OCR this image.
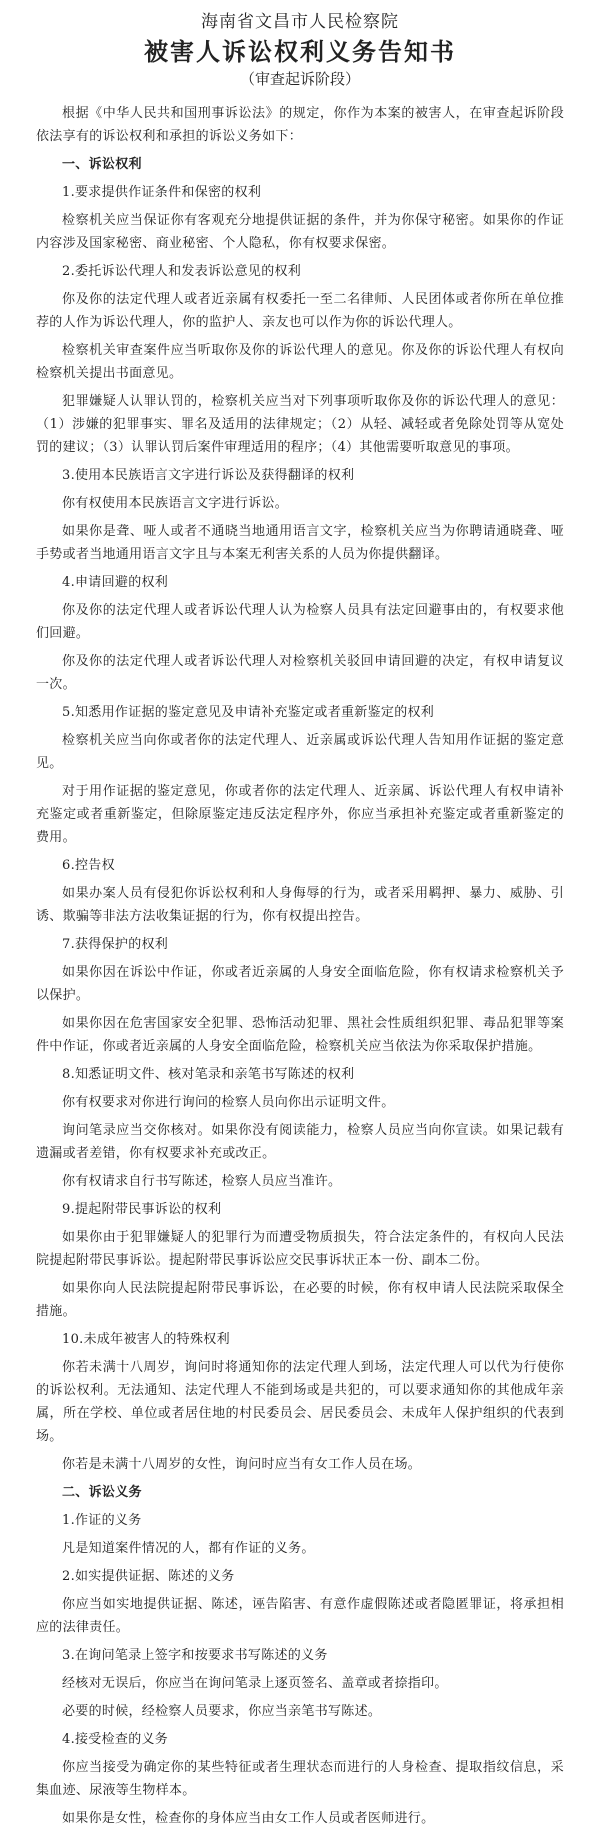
海南省文昌市人民检察院
被害人诉讼权利义务告知书
（审查起诉阶段）

根据《中华人民共和国刑事诉讼法》的规定，你作为本案的被害人，在审查起诉阶段依法享有的诉讼权利和承担的诉讼义务如下：

一、诉讼权利

1.要求提供作证条件和保密的权利

检察机关应当保证你有客观充分地提供证据的条件，并为你保守秘密。如果你的作证内容涉及国家秘密、商业秘密、个人隐私，你有权要求保密。

2.委托诉讼代理人和发表诉讼意见的权利

你及你的法定代理人或者近亲属有权委托一至二名律师、人民团体或者你所在单位推荐的人作为诉讼代理人，你的监护人、亲友也可以作为你的诉讼代理人。

检察机关审查案件应当听取你及你的诉讼代理人的意见。你及你的诉讼代理人有权向检察机关提出书面意见。

犯罪嫌疑人认罪认罚的，检察机关应当对下列事项听取你及你的诉讼代理人的意见：（1）涉嫌的犯罪事实、罪名及适用的法律规定；（2）从轻、减轻或者免除处罚等从宽处罚的建议；（3）认罪认罚后案件审理适用的程序；（4）其他需要听取意见的事项。

3.使用本民族语言文字进行诉讼及获得翻译的权利

你有权使用本民族语言文字进行诉讼。

如果你是聋、哑人或者不通晓当地通用语言文字，检察机关应当为你聘请通晓聋、哑手势或者当地通用语言文字且与本案无利害关系的人员为你提供翻译。

4.申请回避的权利

你及你的法定代理人或者诉讼代理人认为检察人员具有法定回避事由的，有权要求他们回避。

你及你的法定代理人或者诉讼代理人对检察机关驳回申请回避的决定，有权申请复议一次。

5.知悉用作证据的鉴定意见及申请补充鉴定或者重新鉴定的权利

检察机关应当向你或者你的法定代理人、近亲属或诉讼代理人告知用作证据的鉴定意见。

对于用作证据的鉴定意见，你或者你的法定代理人、近亲属、诉讼代理人有权申请补充鉴定或者重新鉴定，但除原鉴定违反法定程序外，你应当承担补充鉴定或者重新鉴定的费用。

6.控告权

如果办案人员有侵犯你诉讼权利和人身侮辱的行为，或者采用羁押、暴力、威胁、引诱、欺骗等非法方法收集证据的行为，你有权提出控告。

7.获得保护的权利

如果你因在诉讼中作证，你或者近亲属的人身安全面临危险，你有权请求检察机关予以保护。

如果你因在危害国家安全犯罪、恐怖活动犯罪、黑社会性质组织犯罪、毒品犯罪等案件中作证，你或者近亲属的人身安全面临危险，检察机关应当依法为你采取保护措施。

8.知悉证明文件、核对笔录和亲笔书写陈述的权利

你有权要求对你进行询问的检察人员向你出示证明文件。

询问笔录应当交你核对。如果你没有阅读能力，检察人员应当向你宣读。如果记载有遗漏或者差错，你有权要求补充或改正。

你有权请求自行书写陈述，检察人员应当准许。

9.提起附带民事诉讼的权利

如果你由于犯罪嫌疑人的犯罪行为而遭受物质损失，符合法定条件的，有权向人民法院提起附带民事诉讼。提起附带民事诉讼应交民事诉状正本一份、副本二份。

如果你向人民法院提起附带民事诉讼，在必要的时候，你有权申请人民法院采取保全措施。

10.未成年被害人的特殊权利

你若未满十八周岁，询问时将通知你的法定代理人到场，法定代理人可以代为行使你的诉讼权利。无法通知、法定代理人不能到场或是共犯的，可以要求通知你的其他成年亲属，所在学校、单位或者居住地的村民委员会、居民委员会、未成年人保护组织的代表到场。

你若是未满十八周岁的女性，询问时应当有女工作人员在场。

二、诉讼义务

1.作证的义务

凡是知道案件情况的人，都有作证的义务。

2.如实提供证据、陈述的义务

你应当如实地提供证据、陈述，诬告陷害、有意作虚假陈述或者隐匿罪证，将承担相应的法律责任。

3.在询问笔录上签字和按要求书写陈述的义务

经核对无误后，你应当在询问笔录上逐页签名、盖章或者捺指印。

必要的时候，经检察人员要求，你应当亲笔书写陈述。

4.接受检查的义务

你应当接受为确定你的某些特征或者生理状态而进行的人身检查、提取指纹信息，采集血迹、尿液等生物样本。

如果你是女性，检查你的身体应当由女工作人员或者医师进行。
